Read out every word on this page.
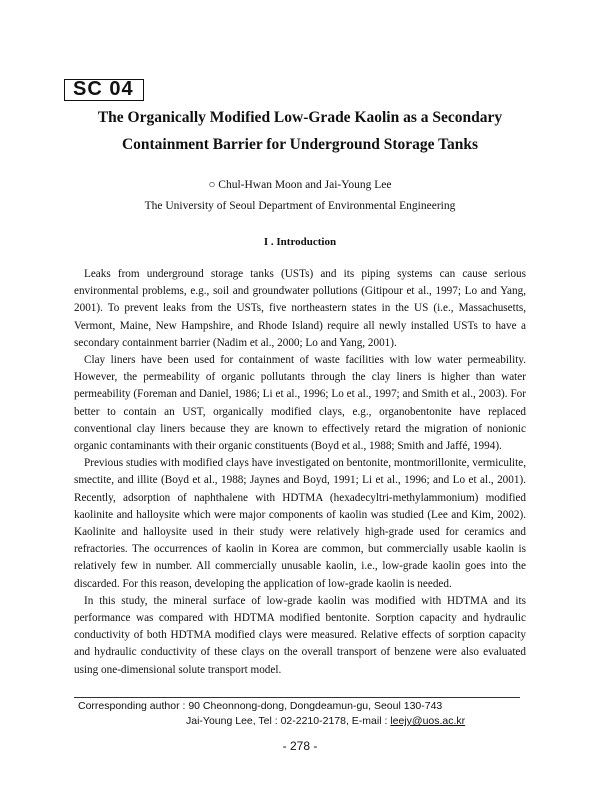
SC 04
The Organically Modified Low-Grade Kaolin as a Secondary
Containment Barrier for Underground Storage Tanks
○ Chul-Hwan Moon and Jai-Young Lee
The University of Seoul Department of Environmental Engineering
I . Introduction

Leaks from underground storage tanks (USTs) and its piping systems can cause serious environmental problems, e.g., soil and groundwater pollutions (Gitipour et al., 1997; Lo and Yang, 2001). To prevent leaks from the USTs, five northeastern states in the US (i.e., Massachusetts, Vermont, Maine, New Hampshire, and Rhode Island) require all newly installed USTs to have a secondary containment barrier (Nadim et al., 2000; Lo and Yang, 2001).

Clay liners have been used for containment of waste facilities with low water permeability. However, the permeability of organic pollutants through the clay liners is higher than water permeability (Foreman and Daniel, 1986; Li et al., 1996; Lo et al., 1997; and Smith et al., 2003). For better to contain an UST, organically modified clays, e.g., organobentonite have replaced conventional clay liners because they are known to effectively retard the migration of nonionic organic contaminants with their organic constituents (Boyd et al., 1988; Smith and Jaffé, 1994).

Previous studies with modified clays have investigated on bentonite, montmorillonite, vermiculite, smectite, and illite (Boyd et al., 1988; Jaynes and Boyd, 1991; Li et al., 1996; and Lo et al., 2001). Recently, adsorption of naphthalene with HDTMA (hexadecyltri-methylammonium) modified kaolinite and halloysite which were major components of kaolin was studied (Lee and Kim, 2002). Kaolinite and halloysite used in their study were relatively high-grade used for ceramics and refractories. The occurrences of kaolin in Korea are common, but commercially usable kaolin is relatively few in number. All commercially unusable kaolin, i.e., low-grade kaolin goes into the discarded. For this reason, developing the application of low-grade kaolin is needed.

In this study, the mineral surface of low-grade kaolin was modified with HDTMA and its performance was compared with HDTMA modified bentonite. Sorption capacity and hydraulic conductivity of both HDTMA modified clays were measured. Relative effects of sorption capacity and hydraulic conductivity of these clays on the overall transport of benzene were also evaluated using one-dimensional solute transport model.

Corresponding author : 90 Cheonnong-dong, Dongdeamun-gu, Seoul 130-743
Jai-Young Lee, Tel : 02-2210-2178, E-mail : leejy@uos.ac.kr
- 278 -
